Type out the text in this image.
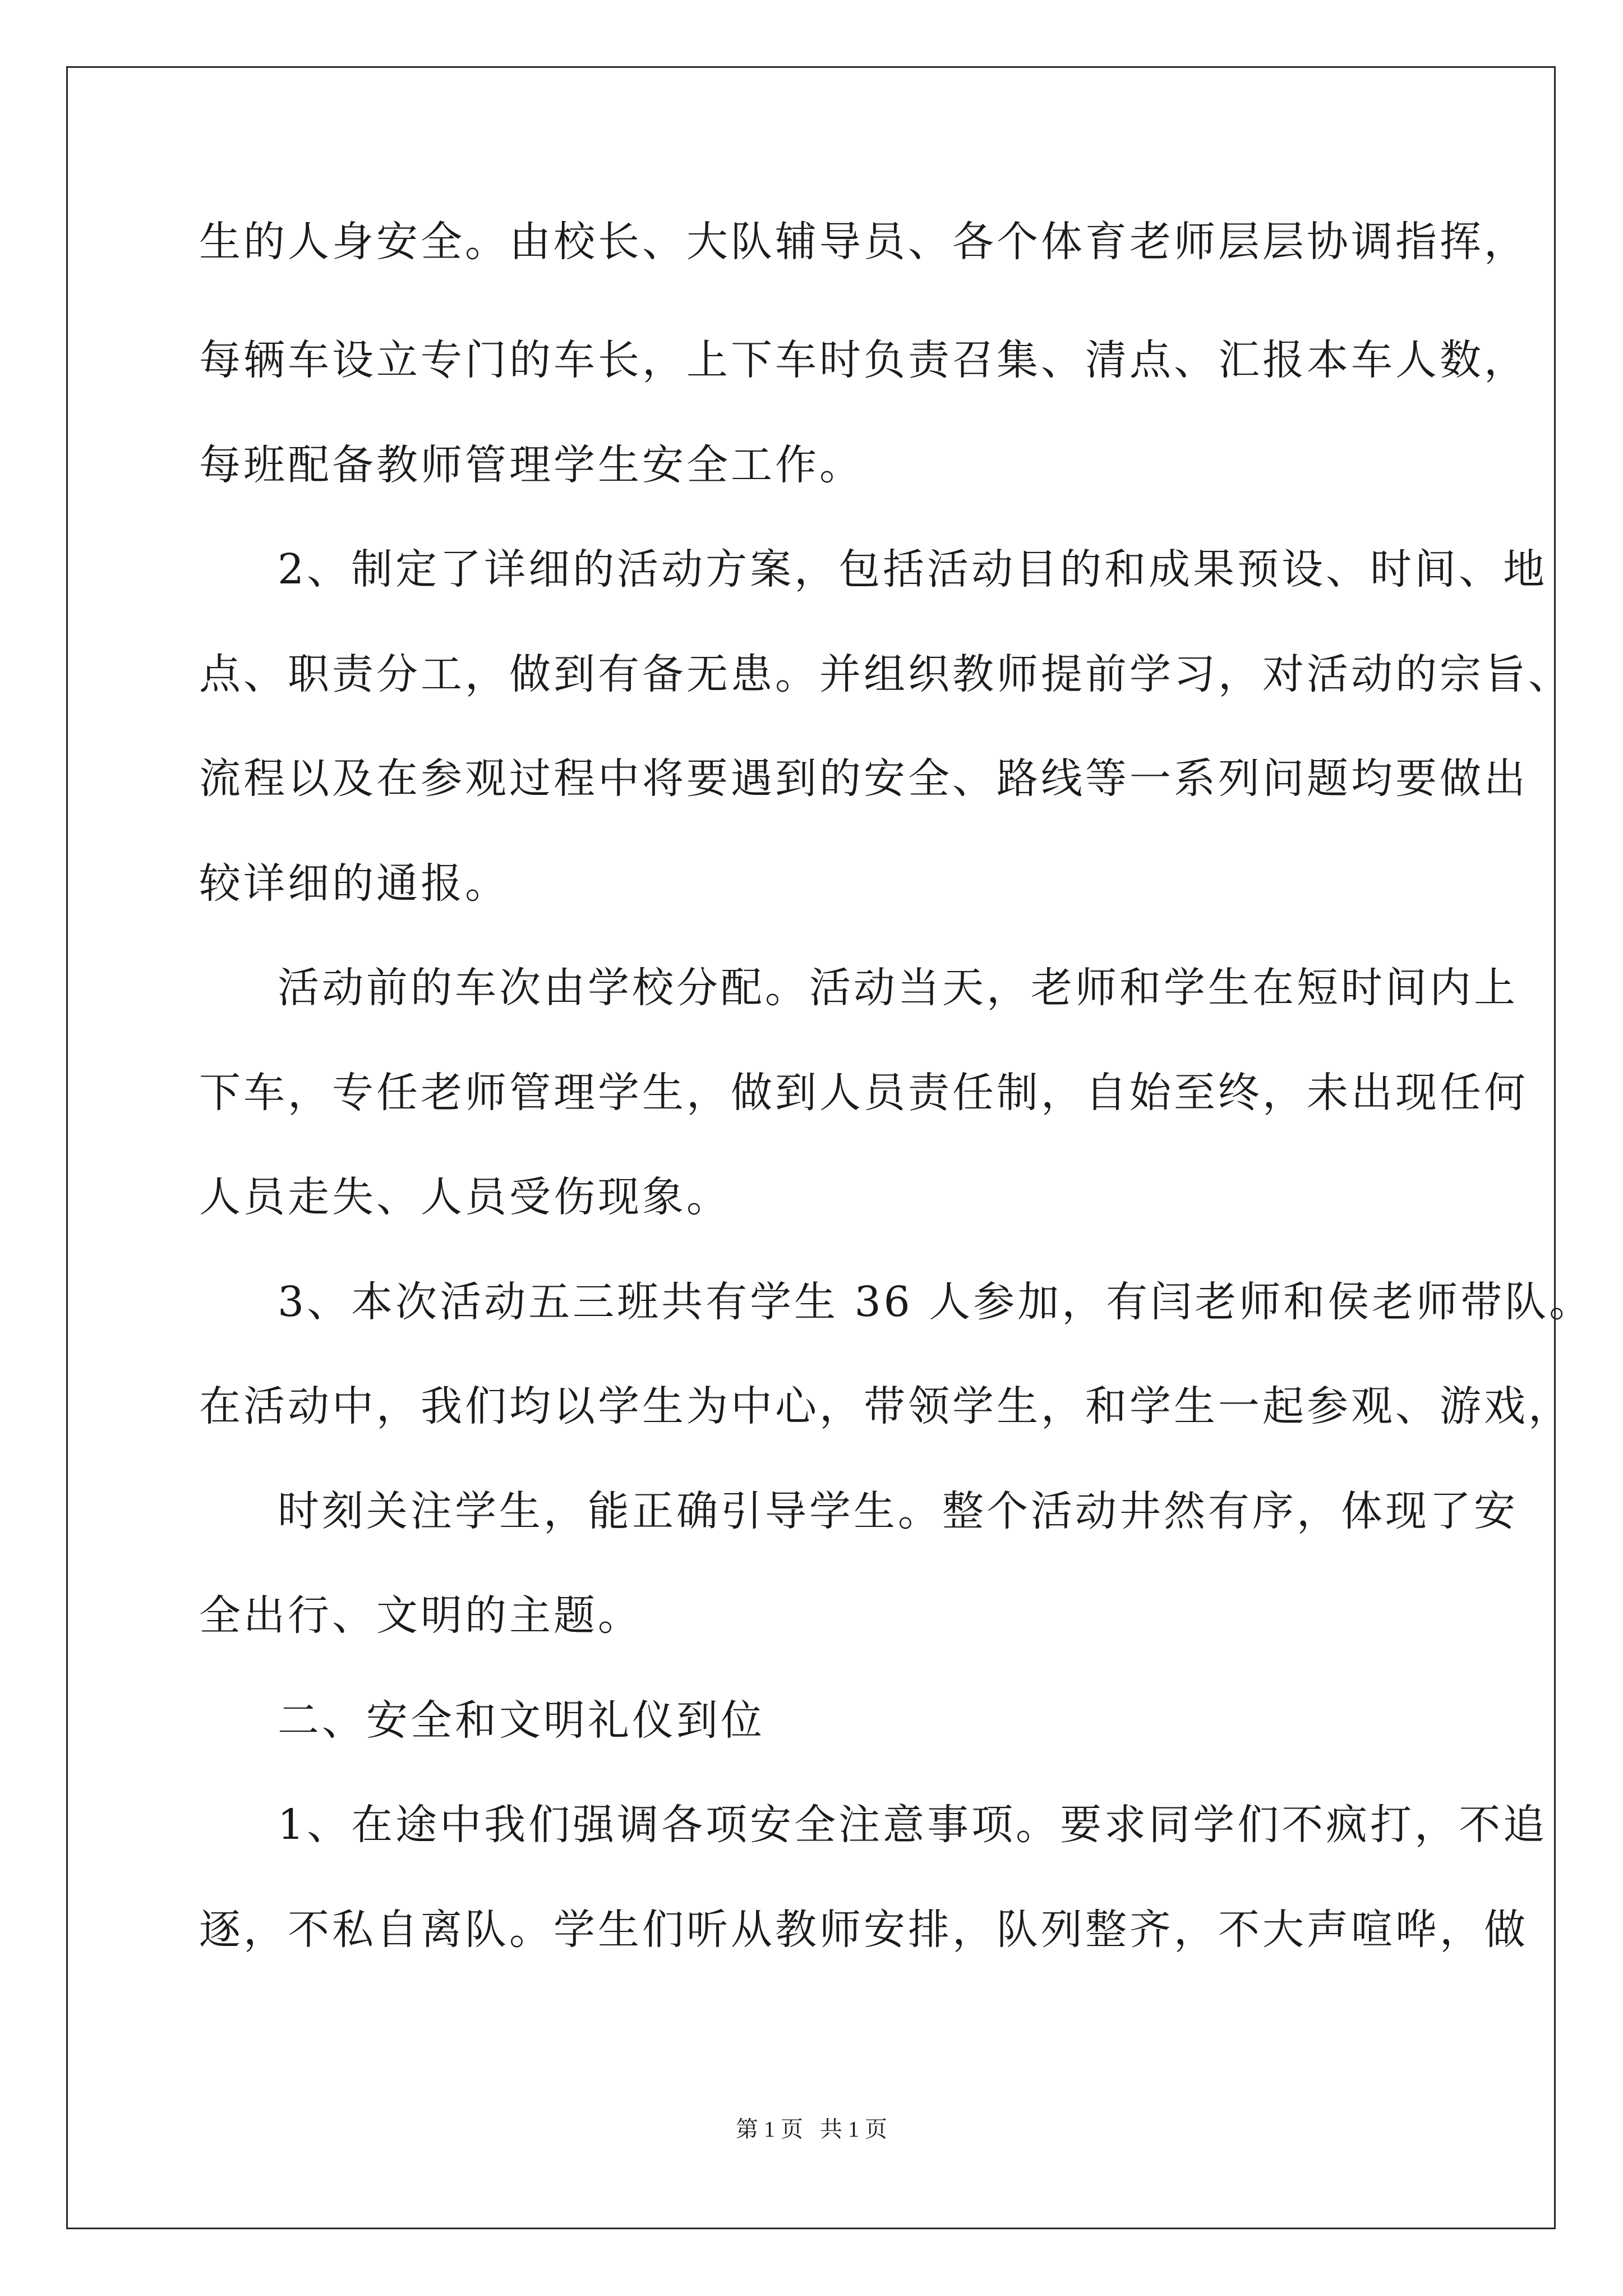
生的人身安全。由校长、大队辅导员、各个体育老师层层协调指挥，
每辆车设立专门的车长，上下车时负责召集、清点、汇报本车人数，
每班配备教师管理学生安全工作。
2、制定了详细的活动方案，包括活动目的和成果预设、时间、地
点、职责分工，做到有备无患。并组织教师提前学习，对活动的宗旨、
流程以及在参观过程中将要遇到的安全、路线等一系列问题均要做出
较详细的通报。
活动前的车次由学校分配。活动当天，老师和学生在短时间内上
下车，专任老师管理学生，做到人员责任制，自始至终，未出现任何
人员走失、人员受伤现象。
3、本次活动五三班共有学生 36 人参加，有闫老师和侯老师带队。
在活动中，我们均以学生为中心，带领学生，和学生一起参观、游戏，
时刻关注学生，能正确引导学生。整个活动井然有序，体现了安
全出行、文明的主题。
二、安全和文明礼仪到位
1、在途中我们强调各项安全注意事项。要求同学们不疯打，不追
逐，不私自离队。学生们听从教师安排，队列整齐，不大声喧哗，做
第 1 页   共 1 页
